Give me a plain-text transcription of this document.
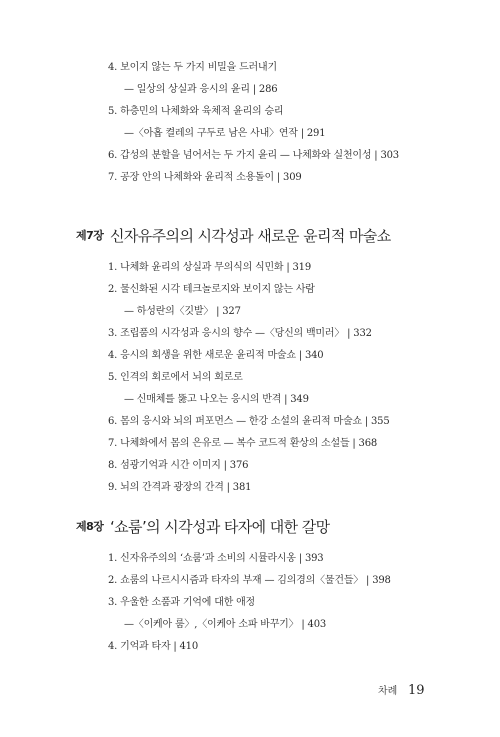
4. 보이지 않는 두 가지 비밀을 드러내기
— 일상의 상실과 응시의 윤리 | 286
5. 하층민의 나체화와 육체적 윤리의 승리
—〈아홉 켤레의 구두로 남은 사내〉연작 | 291
6. 갑성의 분할을 넘어서는 두 가지 윤리 — 나체화와 실천이성 | 303
7. 공장 안의 나체화와 윤리적 소용돌이 | 309
제7장 신자유주의의 시각성과 새로운 윤리적 마술쇼
1. 나체화 윤리의 상실과 무의식의 식민화 | 319
2. 물신화된 시각 테크놀로지와 보이지 않는 사람
— 하성란의〈깃발〉 | 327
3. 조립품의 시각성과 응시의 향수 —〈당신의 백미러〉 | 332
4. 응시의 회생을 위한 새로운 윤리적 마술쇼 | 340
5. 인격의 회로에서 뇌의 회로로
— 신매체를 뚫고 나오는 응시의 반격 | 349
6. 몸의 응시와 뇌의 퍼포먼스 — 한강 소설의 윤리적 마술쇼 | 355
7. 나체화에서 몸의 은유로 — 복수 코드적 환상의 소설들 | 368
8. 섬광기억과 시간 이미지 | 376
9. 뇌의 간격과 광장의 간격 | 381
제8장 ‘쇼룸’의 시각성과 타자에 대한 갈망
1. 신자유주의의 ‘쇼룸’과 소비의 시뮬라시옹 | 393
2. 쇼룸의 나르시시즘과 타자의 부재 — 김의경의〈물건들〉 | 398
3. 우울한 소품과 기억에 대한 애정
—〈이케아 룸〉,〈이케아 소파 바꾸기〉 | 403
4. 기억과 타자 | 410
차례 19
